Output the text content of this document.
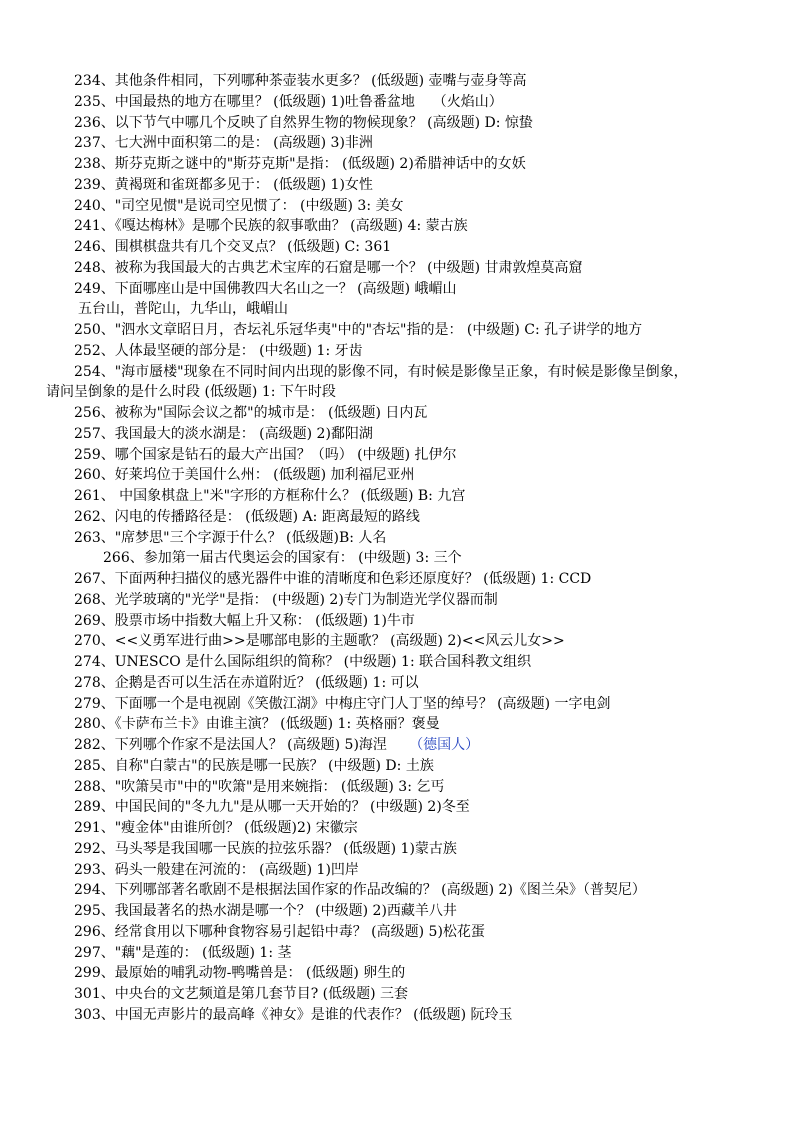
234、其他条件相同，下列哪种茶壶装水更多？ (低级题) 壶嘴与壶身等高
235、中国最热的地方在哪里？ (低级题) 1)吐鲁番盆地 （火焰山）
236、以下节气中哪几个反映了自然界生物的物候现象？ (高级题) D: 惊蛰
237、七大洲中面积第二的是： (高级题) 3)非洲
238、斯芬克斯之谜中的"斯芬克斯"是指： (低级题) 2)希腊神话中的女妖
239、黄褐斑和雀斑都多见于： (低级题) 1)女性
240、"司空见惯"是说司空见惯了： (中级题) 3: 美女
241、《嘎达梅林》是哪个民族的叙事歌曲？ (高级题) 4: 蒙古族
246、围棋棋盘共有几个交叉点？ (低级题) C: 361
248、被称为我国最大的古典艺术宝库的石窟是哪一个？ (中级题) 甘肃敦煌莫高窟
249、下面哪座山是中国佛教四大名山之一？ (高级题) 峨嵋山
五台山，普陀山，九华山，峨嵋山
250、"泗水文章昭日月，杏坛礼乐冠华夷"中的"杏坛"指的是： (中级题) C: 孔子讲学的地方
252、人体最坚硬的部分是： (中级题) 1: 牙齿
254、"海市蜃楼"现象在不同时间内出现的影像不同，有时候是影像呈正象，有时候是影像呈倒象，
请问呈倒象的是什么时段 (低级题) 1: 下午时段
256、被称为"国际会议之都"的城市是： (低级题) 日内瓦
257、我国最大的淡水湖是： (高级题) 2)鄱阳湖
259、哪个国家是钻石的最大产出国？（吗） (中级题) 扎伊尔
260、好莱坞位于美国什么州： (低级题) 加利福尼亚州
261、 中国象棋盘上"米"字形的方框称什么？ (低级题) B: 九宫
262、闪电的传播路径是： (低级题) A: 距离最短的路线
263、"席梦思"三个字源于什么？ (低级题)B: 人名
266、参加第一届古代奥运会的国家有： (中级题) 3: 三个
267、下面两种扫描仪的感光器件中谁的清晰度和色彩还原度好？ (低级题) 1: CCD
268、光学玻璃的"光学"是指： (中级题) 2)专门为制造光学仪器而制
269、股票市场中指数大幅上升又称： (低级题) 1)牛市
270、<<义勇军进行曲>>是哪部电影的主题歌？ (高级题) 2)<<风云儿女>>
274、UNESCO 是什么国际组织的简称？ (中级题) 1: 联合国科教文组织
278、企鹅是否可以生活在赤道附近？ (低级题) 1: 可以
279、下面哪一个是电视剧《笑傲江湖》中梅庄守门人丁坚的绰号？ (高级题) 一字电剑
280、《卡萨布兰卡》由谁主演？ (低级题) 1: 英格丽？褒曼
282、下列哪个作家不是法国人？ (高级题) 5)海涅 （德国人）
285、自称"白蒙古"的民族是哪一民族？ (中级题) D: 土族
288、"吹箫吴市"中的"吹箫"是用来婉指： (低级题) 3: 乞丐
289、中国民间的"冬九九"是从哪一天开始的？ (中级题) 2)冬至
291、"瘦金体"由谁所创？ (低级题)2) 宋徽宗
292、马头琴是我国哪一民族的拉弦乐器？ (低级题) 1)蒙古族
293、码头一般建在河流的： (高级题) 1)凹岸
294、下列哪部著名歌剧不是根据法国作家的作品改编的？ (高级题) 2)《图兰朵》（普契尼）
295、我国最著名的热水湖是哪一个？ (中级题) 2)西藏羊八井
296、经常食用以下哪种食物容易引起铅中毒？ (高级题) 5)松花蛋
297、"藕"是莲的： (低级题) 1: 茎
299、最原始的哺乳动物-鸭嘴兽是： (低级题) 卵生的
301、中央台的文艺频道是第几套节目? (低级题) 三套
303、中国无声影片的最高峰《神女》是谁的代表作？ (低级题) 阮玲玉
